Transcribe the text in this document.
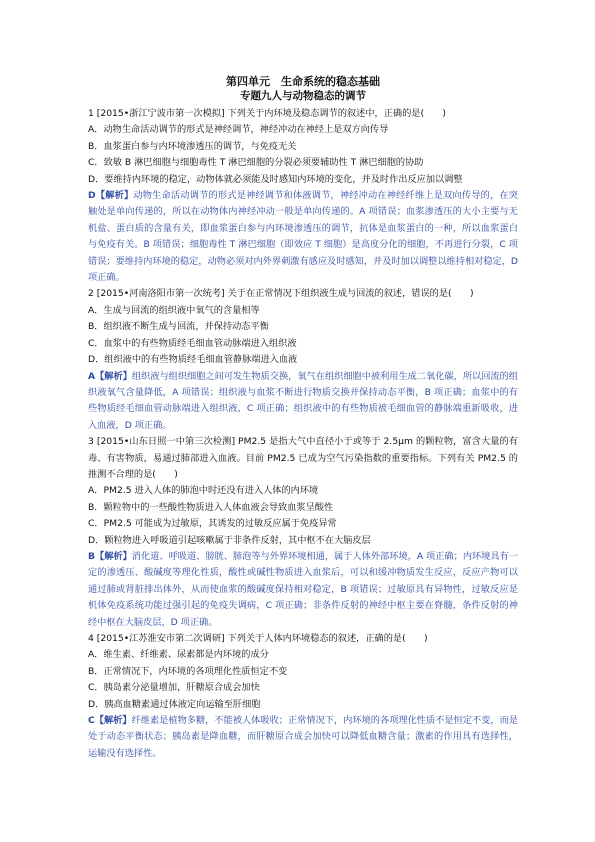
第四单元　生命系统的稳态基础

专题九人与动物稳态的调节

1 [2015•浙江宁波市第一次模拟] 下列关于内环境及稳态调节的叙述中，正确的是(　　)

A．动物生命活动调节的形式是神经调节，神经冲动在神经上是双方向传导

B．血浆蛋白参与内环境渗透压的调节，与免疫无关

C．致敏 B 淋巴细胞与细胞毒性 T 淋巴细胞的分裂必须要辅助性 T 淋巴细胞的协助

D．要维持内环境的稳定，动物体就必须能及时感知内环境的变化，并及时作出反应加以调整

D【解析】动物生命活动调节的形式是神经调节和体液调节，神经冲动在神经纤维上是双向传导的，在突触处是单向传递的，所以在动物体内神经冲动一般是单向传递的。A 项错误；血浆渗透压的大小主要与无机盐、蛋白质的含量有关，即血浆蛋白参与内环境渗透压的调节，抗体是血浆蛋白的一种，所以血浆蛋白与免疫有关。B 项错误；细胞毒性 T 淋巴细胞（即效应 T 细胞）是高度分化的细胞，不再进行分裂，C 项错误；要维持内环境的稳定，动物必须对内外界刺激有感应及时感知，并及时加以调整以维持相对稳定，D 项正确。

2 [2015•河南洛阳市第一次统考] 关于在正常情况下组织液生成与回流的叙述，错误的是(　　)

A．生成与回流的组织液中氧气的含量相等

B．组织液不断生成与回流，并保持动态平衡

C．血浆中的有些物质经毛细血管动脉端进入组织液

D．组织液中的有些物质经毛细血管静脉端进入血液

A【解析】组织液与组织细胞之间可发生物质交换，氧气在组织细胞中被利用生成二氧化碳，所以回流的组织液氧气含量降低，A 项错误；组织液与血浆不断进行物质交换并保持动态平衡，B 项正确；血浆中的有些物质经毛细血管动脉端进入组织液，C 项正确；组织液中的有些物质被毛细血管的静脉端重新吸收，进入血液，D 项正确。

3 [2015•山东日照一中第三次检测] PM2.5 是指大气中直径小于或等于 2.5μm 的颗粒物，富含大量的有毒、有害物质，易通过肺部进入血液。目前 PM2.5 已成为空气污染指数的重要指标。下列有关 PM2.5 的推测不合理的是(　　)

A．PM2.5 进入人体的肺泡中时还没有进入人体的内环境

B．颗粒物中的一些酸性物质进入人体血液会导致血浆呈酸性

C．PM2.5 可能成为过敏原，其诱发的过敏反应属于免疫异常

D．颗粒物进入呼吸道引起咳嗽属于非条件反射，其中枢不在大脑皮层

B【解析】消化道、呼吸道、膀胱、肺泡等与外界环境相通，属于人体外部环境，A 项正确；内环境具有一定的渗透压、酸碱度等理化性质，酸性或碱性物质进入血浆后，可以和缓冲物质发生反应，反应产物可以通过肺或肾脏排出体外，从而使血浆的酸碱度保持相对稳定，B 项错误；过敏原具有异物性，过敏反应是机体免疫系统功能过强引起的免疫失调病，C 项正确；非条件反射的神经中枢主要在脊髓，条件反射的神经中枢在大脑皮层，D 项正确。

4 [2015•江苏淮安市第二次调研] 下列关于人体内环境稳态的叙述，正确的是(　　)

A．维生素、纤维素、尿素都是内环境的成分

B．正常情况下，内环境的各项理化性质恒定不变

C．胰岛素分泌量增加，肝糖原合成会加快

D．胰高血糖素通过体液定向运输至肝细胞

C【解析】纤维素是植物多糖，不能被人体吸收；正常情况下，内环境的各项理化性质不是恒定不变，而是处于动态平衡状态；胰岛素是降血糖，而肝糖原合成会加快可以降低血糖含量；激素的作用具有选择性，运输没有选择性。
